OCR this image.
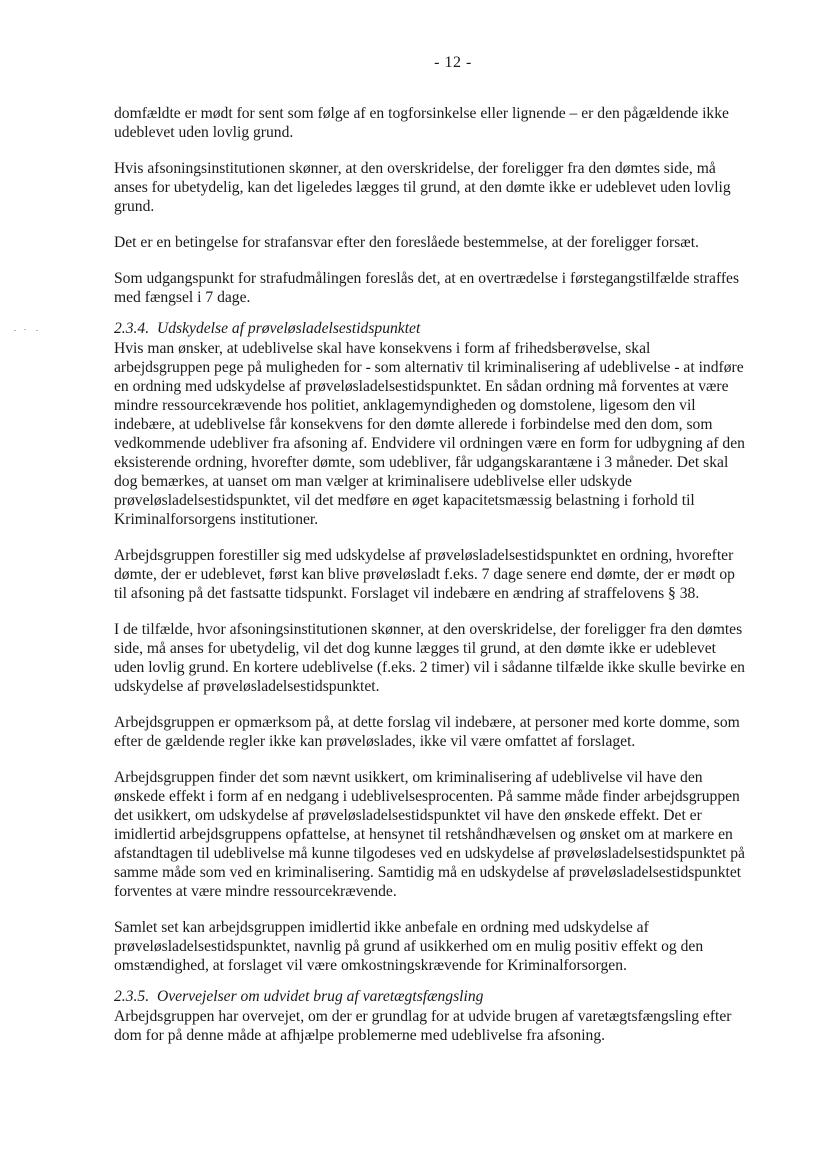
- 12 -

domfældte er mødt for sent som følge af en togforsinkelse eller lignende – er den pågældende ikke udeblevet uden lovlig grund.

Hvis afsoningsinstitutionen skønner, at den overskridelse, der foreligger fra den dømtes side, må anses for ubetydelig, kan det ligeledes lægges til grund, at den dømte ikke er udeblevet uden lovlig grund.

Det er en betingelse for strafansvar efter den foreslåede bestemmelse, at der foreligger forsæt.

Som udgangspunkt for strafudmålingen foreslås det, at en overtrædelse i førstegangstilfælde straffes med fængsel i 7 dage.

2.3.4. Udskydelse af prøveløsladelsestidspunktet

Hvis man ønsker, at udeblivelse skal have konsekvens i form af frihedsberøvelse, skal arbejdsgruppen pege på muligheden for - som alternativ til kriminalisering af udeblivelse - at indføre en ordning med udskydelse af prøveløsladelsestidspunktet. En sådan ordning må forventes at være mindre ressourcekrævende hos politiet, anklagemyndigheden og domstolene, ligesom den vil indebære, at udeblivelse får konsekvens for den dømte allerede i forbindelse med den dom, som vedkommende udebliver fra afsoning af. Endvidere vil ordningen være en form for udbygning af den eksisterende ordning, hvorefter dømte, som udebliver, får udgangskarantæne i 3 måneder. Det skal dog bemærkes, at uanset om man vælger at kriminalisere udeblivelse eller udskyde prøveløsladelsestidspunktet, vil det medføre en øget kapacitetsmæssig belastning i forhold til Kriminalforsorgens institutioner.

Arbejdsgruppen forestiller sig med udskydelse af prøveløsladelsestidspunktet en ordning, hvorefter dømte, der er udeblevet, først kan blive prøveløsladt f.eks. 7 dage senere end dømte, der er mødt op til afsoning på det fastsatte tidspunkt. Forslaget vil indebære en ændring af straffelovens § 38.

I de tilfælde, hvor afsoningsinstitutionen skønner, at den overskridelse, der foreligger fra den dømtes side, må anses for ubetydelig, vil det dog kunne lægges til grund, at den dømte ikke er udeblevet uden lovlig grund. En kortere udeblivelse (f.eks. 2 timer) vil i sådanne tilfælde ikke skulle bevirke en udskydelse af prøveløsladelsestidspunktet.

Arbejdsgruppen er opmærksom på, at dette forslag vil indebære, at personer med korte domme, som efter de gældende regler ikke kan prøveløslades, ikke vil være omfattet af forslaget.

Arbejdsgruppen finder det som nævnt usikkert, om kriminalisering af udeblivelse vil have den ønskede effekt i form af en nedgang i udeblivelsesprocenten. På samme måde finder arbejdsgruppen det usikkert, om udskydelse af prøveløsladelsestidspunktet vil have den ønskede effekt. Det er imidlertid arbejdsgruppens opfattelse, at hensynet til retshåndhævelsen og ønsket om at markere en afstandtagen til udeblivelse må kunne tilgodeses ved en udskydelse af prøveløsladelsestidspunktet på samme måde som ved en kriminalisering. Samtidig må en udskydelse af prøveløsladelsestidspunktet forventes at være mindre ressourcekrævende.

Samlet set kan arbejdsgruppen imidlertid ikke anbefale en ordning med udskydelse af prøveløsladelsestidspunktet, navnlig på grund af usikkerhed om en mulig positiv effekt og den omstændighed, at forslaget vil være omkostningskrævende for Kriminalforsorgen.

2.3.5. Overvejelser om udvidet brug af varetægtsfængsling

Arbejdsgruppen har overvejet, om der er grundlag for at udvide brugen af varetægtsfængsling efter dom for på denne måde at afhjælpe problemerne med udeblivelse fra afsoning.
